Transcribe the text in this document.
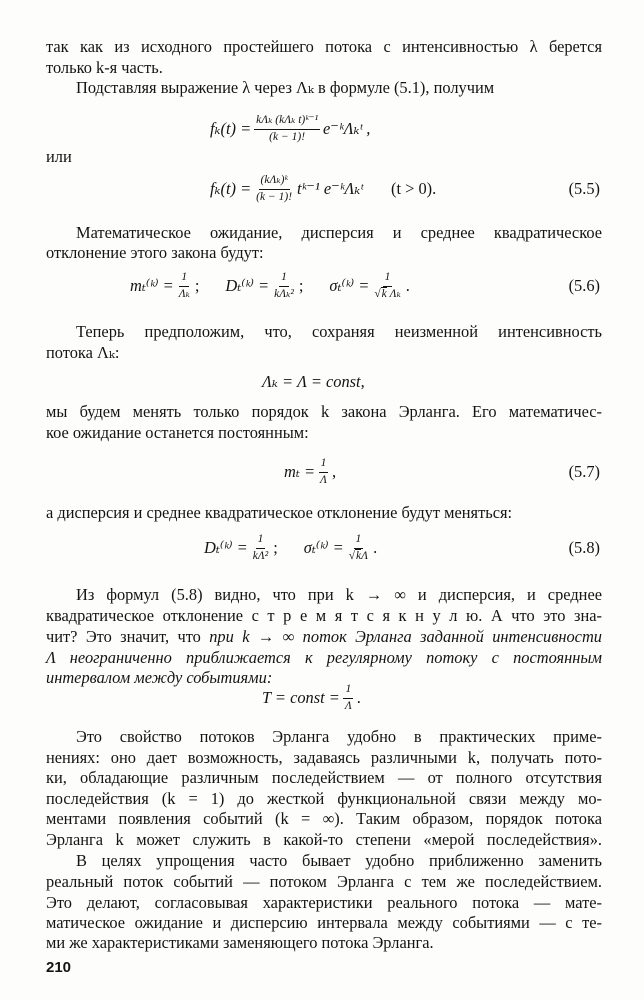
так как из исходного простейшего потока с интенсивностью λ берется

только k-я часть.

Подставляя выражение λ через Λₖ в формуле (5.1), получим

$f_k(t) = \frac{\text{kΛₖ (kΛₖ t)ᵏ⁻¹}}{(k - 1)!}$ e⁻ᵏΛₖᵗ ,

или

$f_k(t) = \frac{\text{(kΛₖ)ᵏ}}{(k - 1)!}$ tᵏ⁻¹ e⁻ᵏΛₖᵗ (t > 0).	(5.5)

Математическое ожидание, дисперсия и среднее квадратическое

отклонение этого закона будут:

mₜ⁽ᵏ⁾ = $\frac{1}{\text{Λₖ}}$ ; Dₜ⁽ᵏ⁾ = $\frac{1}{\text{kΛₖ²}}$ ; σₜ⁽ᵏ⁾ = $\frac{1}{\text{√k Λₖ}}$ .	(5.6)

Теперь предположим, что, сохраняя неизменной интенсивность

потока Λₖ:

Λₖ = Λ = const,

мы будем менять только порядок k закона Эрланга. Его математичес-

кое ожидание останется постоянным:

$m_t = \frac{1}{\Lambda}$ ,	(5.7)

а дисперсия и среднее квадратическое отклонение будут меняться:

Dₜ⁽ᵏ⁾ = $\frac{1}{\text{kΛ²}}$ ; σₜ⁽ᵏ⁾ = $\frac{1}{√k\Lambda}$ .	(5.8)

Из формул (5.8) видно, что при k → ∞ и дисперсия, и среднее

квадратическое отклонение с т р е м я т с я к н у л ю. А что это зна-

чит? Это значит, что при k → ∞ поток Эрланга заданной интенсивности

Λ неограниченно приближается к регулярному потоку с постоянным

интервалом между событиями:

T = const = $\frac{1}{\Lambda}$ .

Это свойство потоков Эрланга удобно в практических приме-

нениях: оно дает возможность, задаваясь различными k, получать пото-

ки, обладающие различным последействием — от полного отсутствия

последействия (k = 1) до жесткой функциональной связи между мо-

ментами появления событий (k = ∞). Таким образом, порядок потока

Эрланга k может служить в какой-то степени «мерой последействия».

В целях упрощения часто бывает удобно приближенно заменить

реальный поток событий — потоком Эрланга с тем же последействием.

Это делают, согласовывая характеристики реального потока — мате-

матическое ожидание и дисперсию интервала между событиями — с те-

ми же характеристиками заменяющего потока Эрланга.

210
